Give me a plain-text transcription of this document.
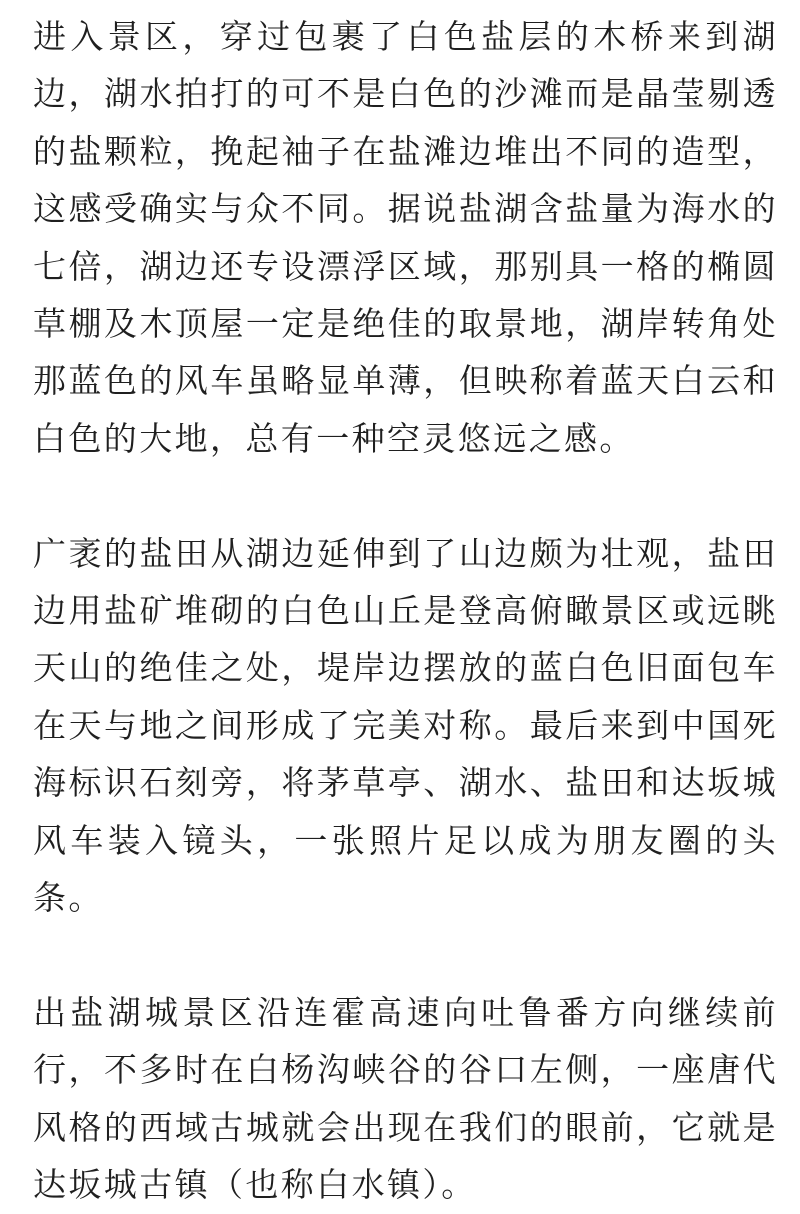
进入景区，穿过包裹了白色盐层的木桥来到湖边，湖水拍打的可不是白色的沙滩而是晶莹剔透的盐颗粒，挽起袖子在盐滩边堆出不同的造型，这感受确实与众不同。据说盐湖含盐量为海水的七倍，湖边还专设漂浮区域，那别具一格的椭圆草棚及木顶屋一定是绝佳的取景地，湖岸转角处那蓝色的风车虽略显单薄，但映称着蓝天白云和白色的大地，总有一种空灵悠远之感。

广袤的盐田从湖边延伸到了山边颇为壮观，盐田边用盐矿堆砌的白色山丘是登高俯瞰景区或远眺天山的绝佳之处，堤岸边摆放的蓝白色旧面包车在天与地之间形成了完美对称。最后来到中国死海标识石刻旁，将茅草亭、湖水、盐田和达坂城风车装入镜头，一张照片足以成为朋友圈的头条。

出盐湖城景区沿连霍高速向吐鲁番方向继续前行，不多时在白杨沟峡谷的谷口左侧，一座唐代风格的西域古城就会出现在我们的眼前，它就是达坂城古镇（也称白水镇）。
